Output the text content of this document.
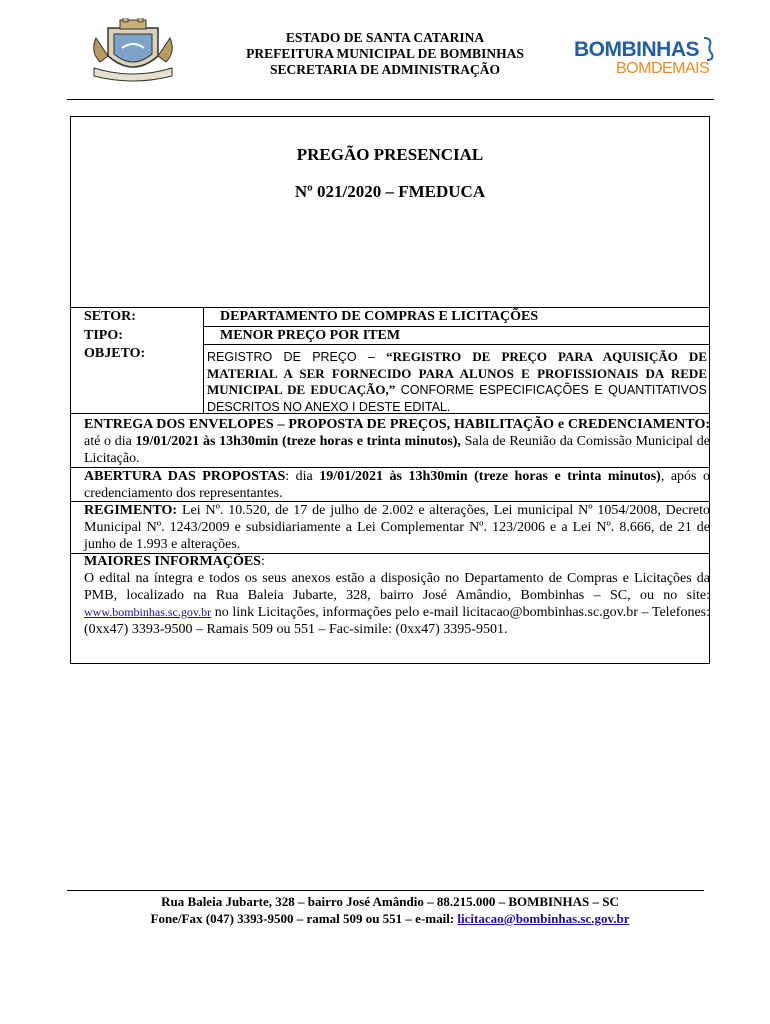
ESTADO DE SANTA CATARINA
PREFEITURA MUNICIPAL DE BOMBINHAS
SECRETARIA DE ADMINISTRAÇÃO
BOMBINHAS
BOMDEMAIS
PREGÃO PRESENCIAL
Nº 021/2020 – FMEDUCA
SETOR:	DEPARTAMENTO DE COMPRAS E LICITAÇÕES
TIPO:	MENOR PREÇO POR ITEM
OBJETO:	REGISTRO DE PREÇO – “REGISTRO DE PREÇO PARA AQUISIÇÃO DE MATERIAL A SER FORNECIDO PARA ALUNOS E PROFISSIONAIS DA REDE MUNICIPAL DE EDUCAÇÃO,” CONFORME ESPECIFICAÇÕES E QUANTITATIVOS DESCRITOS NO ANEXO I DESTE EDITAL.
ENTREGA DOS ENVELOPES – PROPOSTA DE PREÇOS, HABILITAÇÃO e CREDENCIAMENTO: até o dia 19/01/2021 às 13h30min (treze horas e trinta minutos), Sala de Reunião da Comissão Municipal de Licitação.
ABERTURA DAS PROPOSTAS: dia 19/01/2021 às 13h30min (treze horas e trinta minutos), após o credenciamento dos representantes.
REGIMENTO: Lei Nº. 10.520, de 17 de julho de 2.002 e alterações, Lei municipal Nº 1054/2008, Decreto Municipal Nº. 1243/2009 e subsidiariamente a Lei Complementar Nº. 123/2006 e a Lei Nº. 8.666, de 21 de junho de 1.993 e alterações.
MAIORES INFORMAÇÕES:
O edital na íntegra e todos os seus anexos estão a disposição no Departamento de Compras e Licitações da PMB, localizado na Rua Baleia Jubarte, 328, bairro José Amândio, Bombinhas – SC, ou no site: www.bombinhas.sc.gov.br no link Licitações, informações pelo e-mail licitacao@bombinhas.sc.gov.br – Telefones: (0xx47) 3393-9500 – Ramais 509 ou 551 – Fac-simile: (0xx47) 3395-9501.
Rua Baleia Jubarte, 328 – bairro José Amândio – 88.215.000 – BOMBINHAS – SC
Fone/Fax (047) 3393-9500 – ramal 509 ou 551 – e-mail: licitacao@bombinhas.sc.gov.br
